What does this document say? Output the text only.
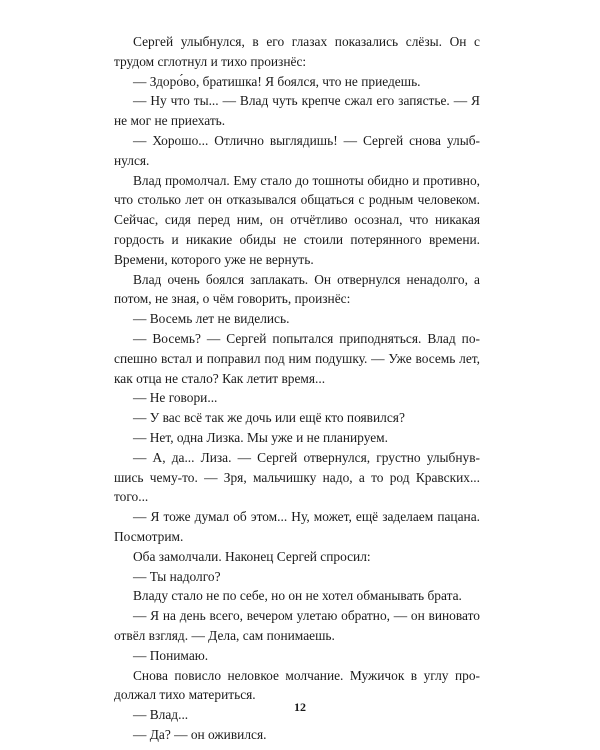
Сергей улыбнулся, в его глазах показались слёзы. Он с трудом сглотнул и тихо произнёс:

— Здоро́во, братишка! Я боялся, что не приедешь.

— Ну что ты... — Влад чуть крепче сжал его запястье. — Я не мог не приехать.

— Хорошо... Отлично выглядишь! — Сергей снова улыбнулся.

Влад промолчал. Ему стало до тошноты обидно и противно, что столько лет он отказывался общаться с родным человеком. Сейчас, сидя перед ним, он отчётливо осознал, что никакая гордость и никакие обиды не стоили потерянного времени. Времени, которого уже не вернуть.

Влад очень боялся заплакать. Он отвернулся ненадолго, а потом, не зная, о чём говорить, произнёс:

— Восемь лет не виделись.

— Восемь? — Сергей попытался приподняться. Влад поспешно встал и поправил под ним подушку. — Уже восемь лет, как отца не стало? Как летит время...

— Не говори...

— У вас всё так же дочь или ещё кто появился?

— Нет, одна Лизка. Мы уже и не планируем.

— А, да... Лиза. — Сергей отвернулся, грустно улыбнувшись чему-то. — Зря, мальчишку надо, а то род Кравских... того...

— Я тоже думал об этом... Ну, может, ещё заделаем пацана. Посмотрим.

Оба замолчали. Наконец Сергей спросил:

— Ты надолго?

Владу стало не по себе, но он не хотел обманывать брата.

— Я на день всего, вечером улетаю обратно, — он виновато отвёл взгляд. — Дела, сам понимаешь.

— Понимаю.

Снова повисло неловкое молчание. Мужичок в углу продолжал тихо материться.

— Влад...

— Да? — он оживился.

12
